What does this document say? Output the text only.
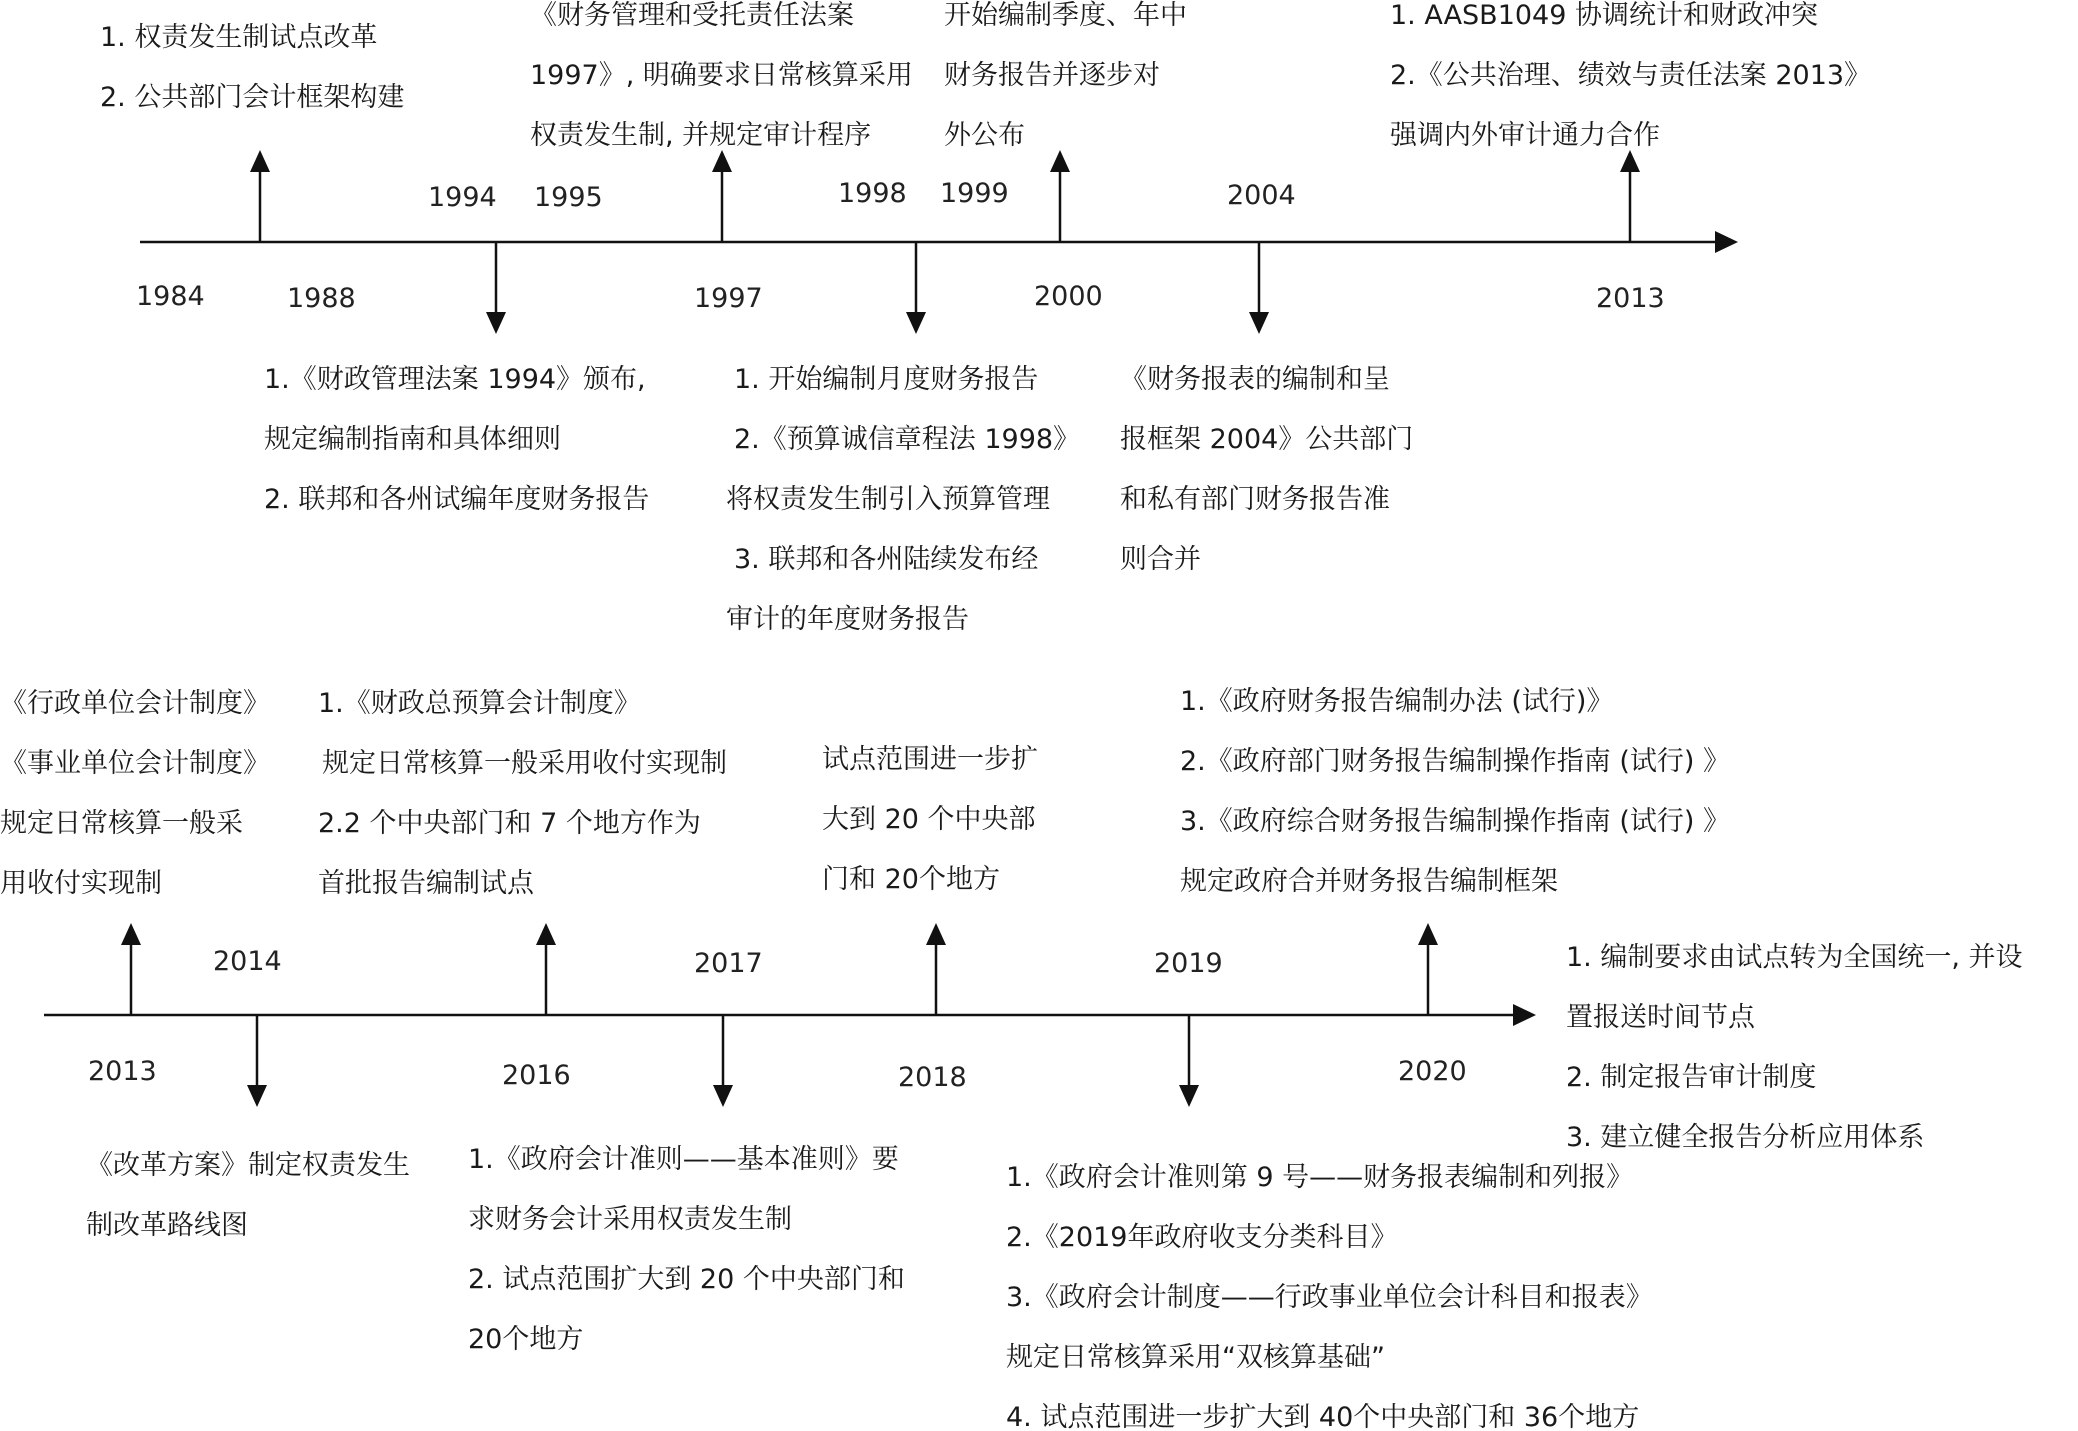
1984	1988
1994 1995
1997
1998 1999
2000
2004
2013
1. 权责发生制试点改革
2. 公共部门会计框架构建
1.《财政管理法案 1994》颁布,
规定编制指南和具体细则
2. 联邦和各州试编年度财务报告
《财务管理和受托责任法案
1997》, 明确要求日常核算采用
权责发生制, 并规定审计程序
1. 开始编制月度财务报告
2.《预算诚信章程法 1998》
将权责发生制引入预算管理
3. 联邦和各州陆续发布经
审计的年度财务报告
开始编制季度、年中
财务报告并逐步对
外公布
《财务报表的编制和呈
报框架 2004》公共部门
和私有部门财务报告准
则合并
1. AASB1049 协调统计和财政冲突
2.《公共治理、绩效与责任法案 2013》
强调内外审计通力合作
2013
2014
2016
2017
2018
2019
2020
《行政单位会计制度》
《事业单位会计制度》
规定日常核算一般采
用收付实现制
《改革方案》制定权责发生
制改革路线图
1.《财政总预算会计制度》
规定日常核算一般采用收付实现制
2.2 个中央部门和 7 个地方作为
首批报告编制试点
1.《政府会计准则——基本准则》要
求财务会计采用权责发生制
2. 试点范围扩大到 20 个中央部门和
20个地方
试点范围进一步扩
大到 20 个中央部
门和 20个地方
1.《政府会计准则第 9 号——财务报表编制和列报》
2.《2019年政府收支分类科目》
3.《政府会计制度——行政事业单位会计科目和报表》
规定日常核算采用“双核算基础”
4. 试点范围进一步扩大到 40个中央部门和 36个地方
1.《政府财务报告编制办法 (试行)》
2.《政府部门财务报告编制操作指南 (试行) 》
3.《政府综合财务报告编制操作指南 (试行) 》
规定政府合并财务报告编制框架
1. 编制要求由试点转为全国统一, 并设
置报送时间节点
2. 制定报告审计制度
3. 建立健全报告分析应用体系
